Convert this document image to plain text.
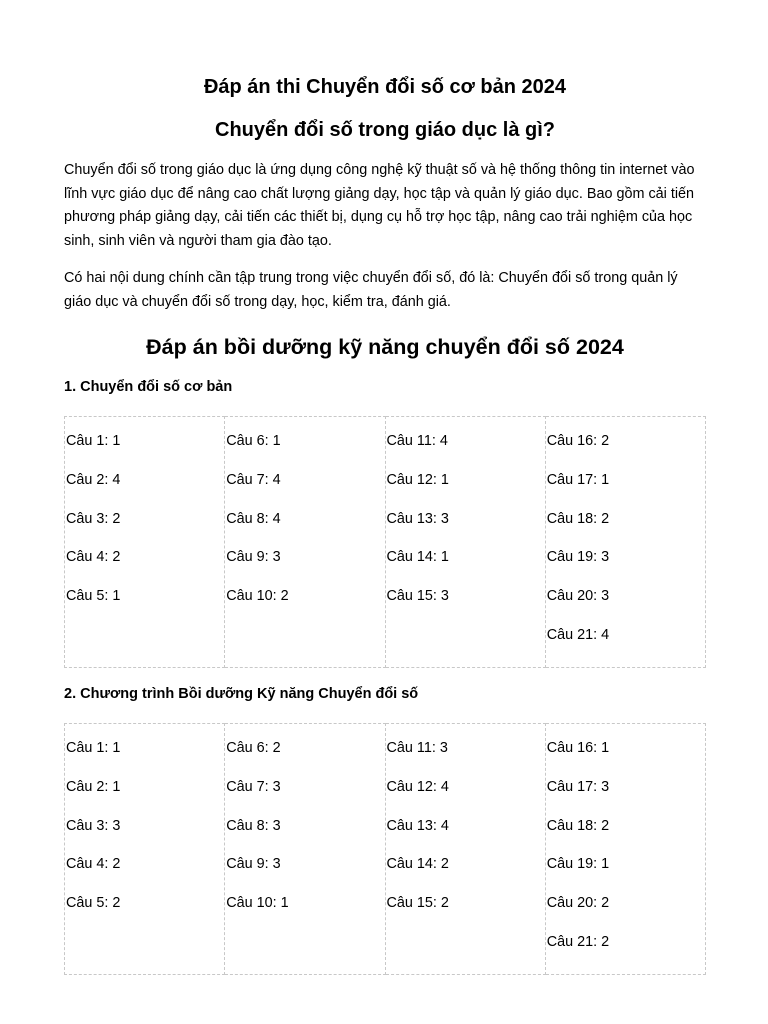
Đáp án thi Chuyển đổi số cơ bản 2024
Chuyển đổi số trong giáo dục là gì?

Chuyển đổi số trong giáo dục là ứng dụng công nghệ kỹ thuật số và hệ thống thông tin internet vào lĩnh vực giáo dục để nâng cao chất lượng giảng dạy, học tập và quản lý giáo dục. Bao gồm cải tiến phương pháp giảng dạy, cải tiến các thiết bị, dụng cụ hỗ trợ học tập, nâng cao trải nghiệm của học sinh, sinh viên và người tham gia đào tạo.

Có hai nội dung chính cần tập trung trong việc chuyển đổi số, đó là: Chuyển đổi số trong quản lý giáo dục và chuyển đổi số trong dạy, học, kiểm tra, đánh giá.

Đáp án bồi dưỡng kỹ năng chuyển đổi số 2024
1. Chuyển đổi số cơ bản
Câu 1: 1
Câu 2: 4
Câu 3: 2
Câu 4: 2
Câu 5: 1

Câu 6: 1
Câu 7: 4
Câu 8: 4
Câu 9: 3
Câu 10: 2

Câu 11: 4
Câu 12: 1
Câu 13: 3
Câu 14: 1
Câu 15: 3

Câu 16: 2
Câu 17: 1
Câu 18: 2
Câu 19: 3
Câu 20: 3
Câu 21: 4
2. Chương trình Bồi dưỡng Kỹ năng Chuyển đổi số
Câu 1: 1
Câu 2: 1
Câu 3: 3
Câu 4: 2
Câu 5: 2

Câu 6: 2
Câu 7: 3
Câu 8: 3
Câu 9: 3
Câu 10: 1

Câu 11: 3
Câu 12: 4
Câu 13: 4
Câu 14: 2
Câu 15: 2

Câu 16: 1
Câu 17: 3
Câu 18: 2
Câu 19: 1
Câu 20: 2
Câu 21: 2
